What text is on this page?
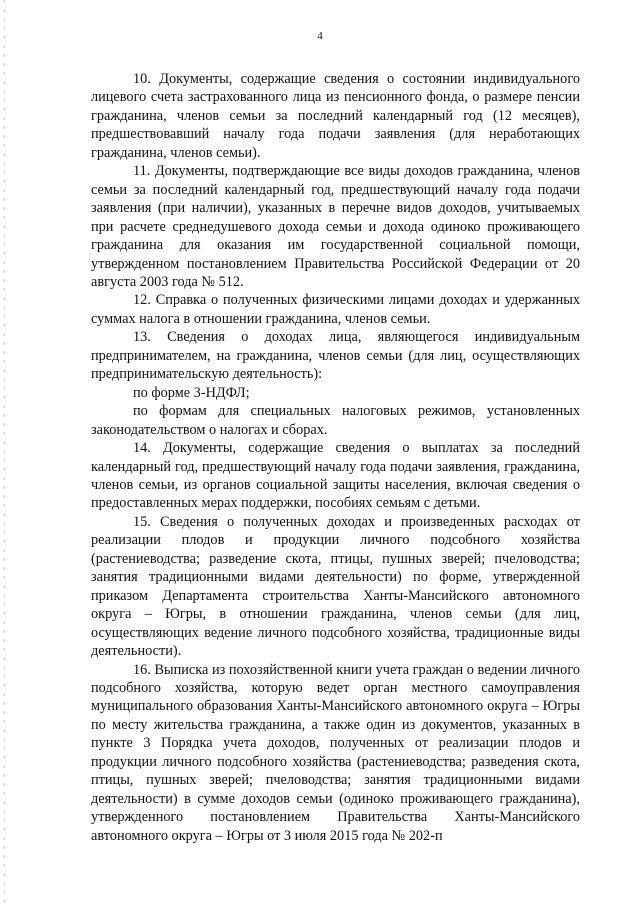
4

10. Документы, содержащие сведения о состоянии индивидуального лицевого счета застрахованного лица из пенсионного фонда, о размере пенсии гражданина, членов семьи за последний календарный год (12 месяцев), предшествовавший началу года подачи заявления (для неработающих гражданина, членов семьи).

11. Документы, подтверждающие все виды доходов гражданина, членов семьи за последний календарный год, предшествующий началу года подачи заявления (при наличии), указанных в перечне видов доходов, учитываемых при расчете среднедушевого дохода семьи и дохода одиноко проживающего гражданина для оказания им государственной социальной помощи, утвержденном постановлением Правительства Российской Федерации от 20 августа 2003 года № 512.

12. Справка о полученных физическими лицами доходах и удержанных суммах налога в отношении гражданина, членов семьи.

13. Сведения о доходах лица, являющегося индивидуальным предпринимателем, на гражданина, членов семьи (для лиц, осуществляющих предпринимательскую деятельность):

по форме 3-НДФЛ;

по формам для специальных налоговых режимов, установленных законодательством о налогах и сборах.

14. Документы, содержащие сведения о выплатах за последний календарный год, предшествующий началу года подачи заявления, гражданина, членов семьи, из органов социальной защиты населения, включая сведения о предоставленных мерах поддержки, пособиях семьям с детьми.

15. Сведения о полученных доходах и произведенных расходах от реализации плодов и продукции личного подсобного хозяйства (растениеводства; разведение скота, птицы, пушных зверей; пчеловодства; занятия традиционными видами деятельности) по форме, утвержденной приказом Департамента строительства Ханты-Мансийского автономного округа – Югры, в отношении гражданина, членов семьи (для лиц, осуществляющих ведение личного подсобного хозяйства, традиционные виды деятельности).

16. Выписка из похозяйственной книги учета граждан о ведении личного подсобного хозяйства, которую ведет орган местного самоуправления муниципального образования Ханты-Мансийского автономного округа – Югры по месту жительства гражданина, а также один из документов, указанных в пункте 3 Порядка учета доходов, полученных от реализации плодов и продукции личного подсобного хозяйства (растениеводства; разведения скота, птицы, пушных зверей; пчеловодства; занятия традиционными видами деятельности) в сумме доходов семьи (одиноко проживающего гражданина), утвержденного постановлением Правительства Ханты-Мансийского автономного округа – Югры от 3 июля 2015 года № 202-п
